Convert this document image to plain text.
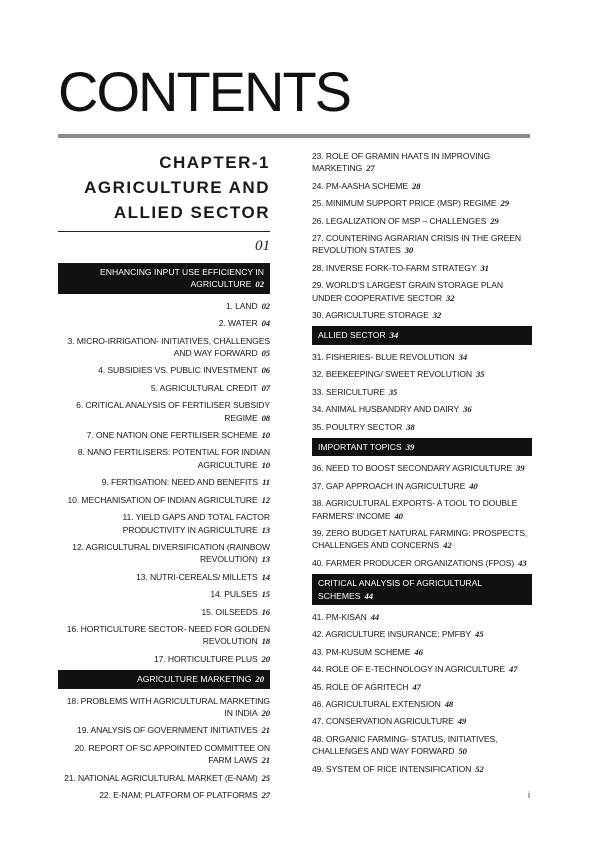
CONTENTS
CHAPTER-1
AGRICULTURE AND
ALLIED SECTOR
01
ENHANCING INPUT USE EFFICIENCY IN AGRICULTURE 02
1. LAND 02
2. WATER 04
3. MICRO-IRRIGATION- INITIATIVES, CHALLENGES AND WAY FORWARD 05
4. SUBSIDIES VS. PUBLIC INVESTMENT 06
5. AGRICULTURAL CREDIT 07
6. CRITICAL ANALYSIS OF FERTILISER SUBSIDY REGIME 08
7. ONE NATION ONE FERTILISER SCHEME 10
8. NANO FERTILISERS: POTENTIAL FOR INDIAN AGRICULTURE 10
9. FERTIGATION: NEED AND BENEFITS 11
10. MECHANISATION OF INDIAN AGRICULTURE 12
11. YIELD GAPS AND TOTAL FACTOR PRODUCTIVITY IN AGRICULTURE 13
12. AGRICULTURAL DIVERSIFICATION (RAINBOW REVOLUTION) 13
13. NUTRI-CEREALS/ MILLETS 14
14. PULSES 15
15. OILSEEDS 16
16. HORTICULTURE SECTOR- NEED FOR GOLDEN REVOLUTION 18
17. HORTICULTURE PLUS 20
AGRICULTURE MARKETING 20
18. PROBLEMS WITH AGRICULTURAL MARKETING IN INDIA 20
19. ANALYSIS OF GOVERNMENT INITIATIVES 21
20. REPORT OF SC APPOINTED COMMITTEE ON FARM LAWS 21
21. NATIONAL AGRICULTURAL MARKET (E-NAM) 25
22. E-NAM: PLATFORM OF PLATFORMS 27
23. ROLE OF GRAMIN HAATS IN IMPROVING MARKETING 27
24. PM-AASHA SCHEME 28
25. MINIMUM SUPPORT PRICE (MSP) REGIME 29
26. LEGALIZATION OF MSP – CHALLENGES 29
27. COUNTERING AGRARIAN CRISIS IN THE GREEN REVOLUTION STATES 30
28. INVERSE FORK-TO-FARM STRATEGY 31
29. WORLD'S LARGEST GRAIN STORAGE PLAN UNDER COOPERATIVE SECTOR 32
30. AGRICULTURE STORAGE 32
ALLIED SECTOR 34
31. FISHERIES- BLUE REVOLUTION 34
32. BEEKEEPING/ SWEET REVOLUTION 35
33. SERICULTURE 35
34. ANIMAL HUSBANDRY AND DAIRY 36
35. POULTRY SECTOR 38
IMPORTANT TOPICS 39
36. NEED TO BOOST SECONDARY AGRICULTURE 39
37. GAP APPROACH IN AGRICULTURE 40
38. AGRICULTURAL EXPORTS- A TOOL TO DOUBLE FARMERS' INCOME 40
39. ZERO BUDGET NATURAL FARMING: PROSPECTS, CHALLENGES AND CONCERNS 42
40. FARMER PRODUCER ORGANIZATIONS (FPOS) 43
CRITICAL ANALYSIS OF AGRICULTURAL SCHEMES 44
41. PM-KISAN 44
42. AGRICULTURE INSURANCE: PMFBY 45
43. PM-KUSUM SCHEME 46
44. ROLE OF E-TECHNOLOGY IN AGRICULTURE 47
45. ROLE OF AGRITECH 47
46. AGRICULTURAL EXTENSION 48
47. CONSERVATION AGRICULTURE 49
48. ORGANIC FARMING- STATUS, INITIATIVES, CHALLENGES AND WAY FORWARD 50
49. SYSTEM OF RICE INTENSIFICATION 52
i
